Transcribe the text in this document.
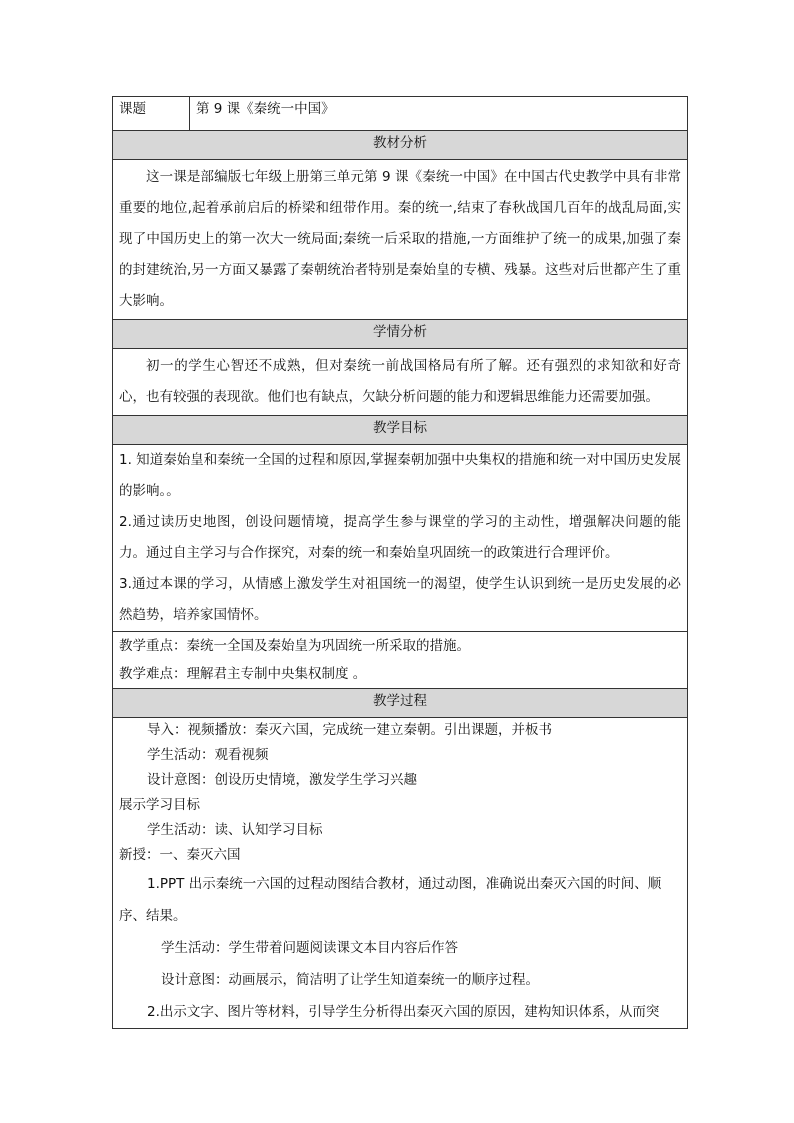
课题	第 9 课《秦统一中国》
教材分析

这一课是部编版七年级上册第三单元第 9 课《秦统一中国》在中国古代史教学中具有非常重要的地位,起着承前启后的桥梁和纽带作用。秦的统一,结束了春秋战国几百年的战乱局面,实现了中国历史上的第一次大一统局面;秦统一后采取的措施,一方面维护了统一的成果,加强了秦的封建统治,另一方面又暴露了秦朝统治者特别是秦始皇的专横、残暴。这些对后世都产生了重大影响。

学情分析

初一的学生心智还不成熟，但对秦统一前战国格局有所了解。还有强烈的求知欲和好奇心，也有较强的表现欲。他们也有缺点，欠缺分析问题的能力和逻辑思维能力还需要加强。

教学目标

1. 知道秦始皇和秦统一全国的过程和原因,掌握秦朝加强中央集权的措施和统一对中国历史发展的影响。。

2.通过读历史地图，创设问题情境，提高学生参与课堂的学习的主动性，增强解决问题的能力。通过自主学习与合作探究，对秦的统一和秦始皇巩固统一的政策进行合理评价。

3.通过本课的学习，从情感上激发学生对祖国统一的渴望，使学生认识到统一是历史发展的必然趋势，培养家国情怀。

教学重点：秦统一全国及秦始皇为巩固统一所采取的措施。

教学难点：理解君主专制中央集权制度 。

教学过程

导入：视频播放：秦灭六国，完成统一建立秦朝。引出课题，并板书

学生活动：观看视频

设计意图：创设历史情境，激发学生学习兴趣

展示学习目标

学生活动：读、认知学习目标

新授：一、秦灭六国

1.PPT 出示秦统一六国的过程动图结合教材，通过动图，准确说出秦灭六国的时间、顺序、结果。

学生活动：学生带着问题阅读课文本目内容后作答

设计意图：动画展示，简洁明了让学生知道秦统一的顺序过程。

2.出示文字、图片等材料，引导学生分析得出秦灭六国的原因，建构知识体系，从而突
